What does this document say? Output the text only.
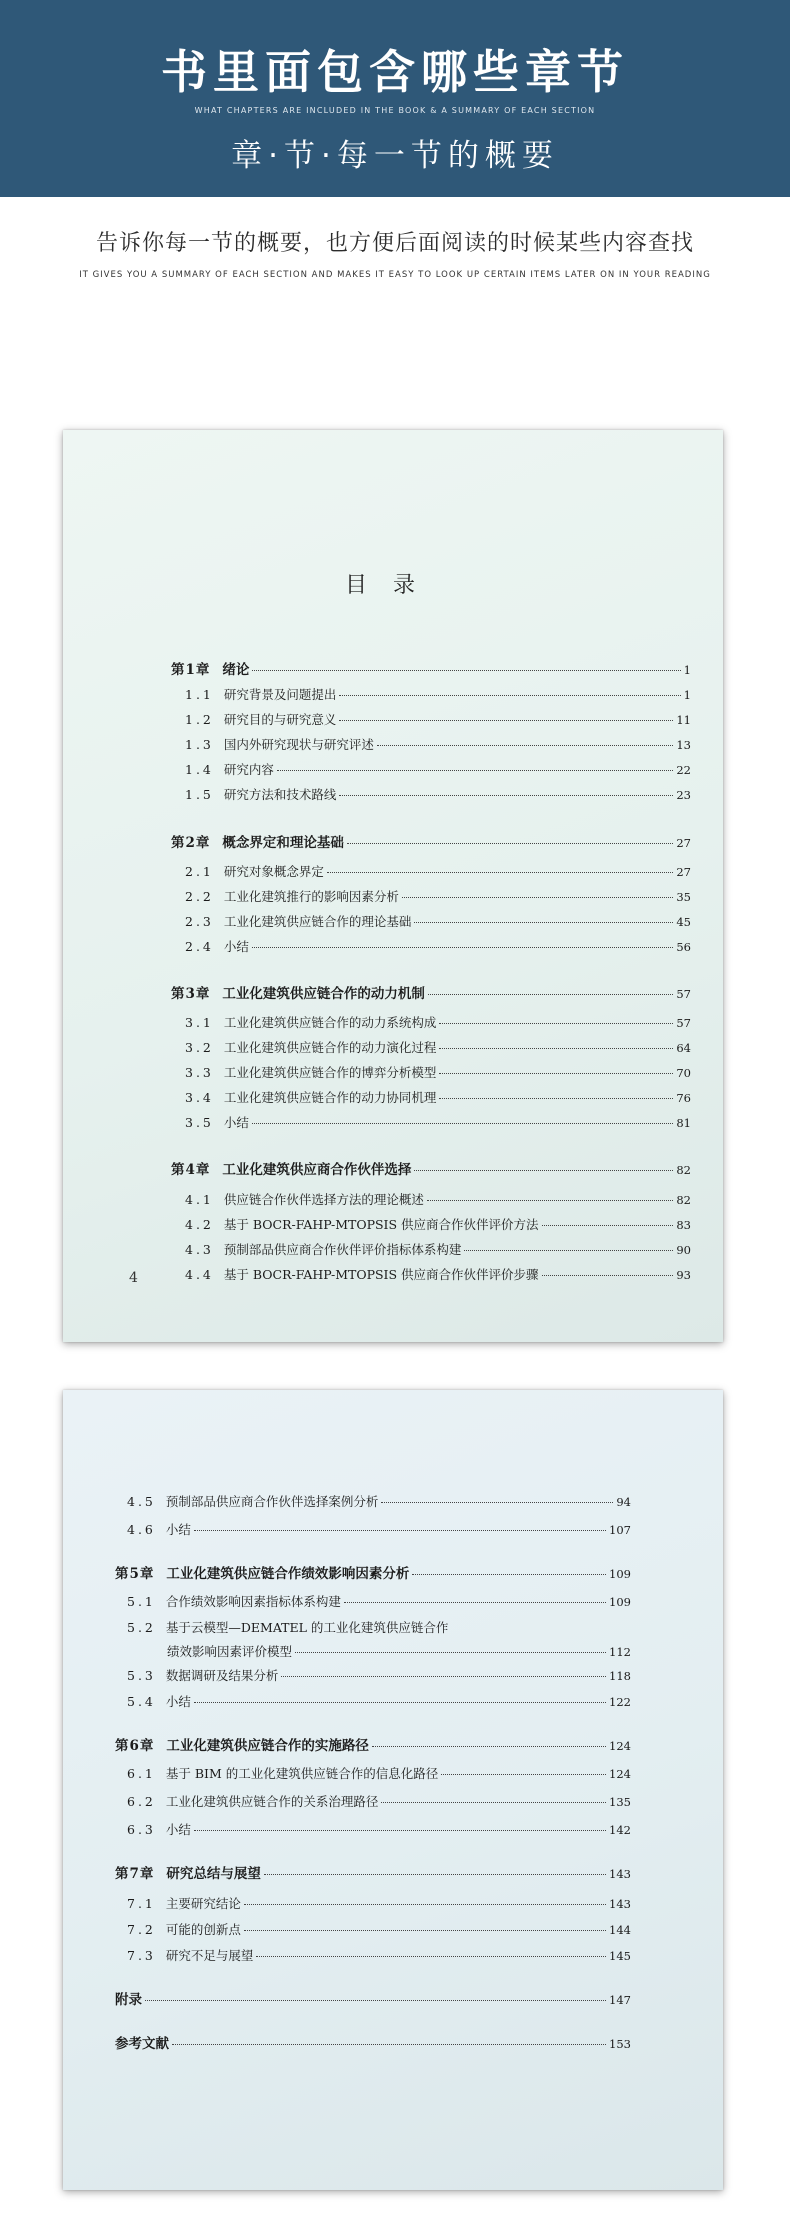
书里面包含哪些章节
WHAT CHAPTERS ARE INCLUDED IN THE BOOK & A SUMMARY OF EACH SECTION
章·节·每一节的概要
告诉你每一节的概要，也方便后面阅读的时候某些内容查找
IT GIVES YOU A SUMMARY OF EACH SECTION AND MAKES IT EASY TO LOOK UP CERTAIN ITEMS LATER ON IN YOUR READING
目录
第1章 绪论	1
1.1 研究背景及问题提出	1
1.2 研究目的与研究意义	11
1.3 国内外研究现状与研究评述	13
1.4 研究内容	22
1.5 研究方法和技术路线	23
第2章 概念界定和理论基础	27
2.1 研究对象概念界定	27
2.2 工业化建筑推行的影响因素分析	35
2.3 工业化建筑供应链合作的理论基础	45
2.4 小结	56
第3章 工业化建筑供应链合作的动力机制	57
3.1 工业化建筑供应链合作的动力系统构成	57
3.2 工业化建筑供应链合作的动力演化过程	64
3.3 工业化建筑供应链合作的博弈分析模型	70
3.4 工业化建筑供应链合作的动力协同机理	76
3.5 小结	81
第4章 工业化建筑供应商合作伙伴选择	82
4.1 供应链合作伙伴选择方法的理论概述	82
4.2 基于 BOCR-FAHP-MTOPSIS 供应商合作伙伴评价方法	83
4.3 预制部品供应商合作伙伴评价指标体系构建	90
4.4 基于 BOCR-FAHP-MTOPSIS 供应商合作伙伴评价步骤	93
4
4.5 预制部品供应商合作伙伴选择案例分析	94
4.6 小结	107
第5章 工业化建筑供应链合作绩效影响因素分析	109
5.1 合作绩效影响因素指标体系构建	109
5.2 基于云模型—DEMATEL 的工业化建筑供应链合作
绩效影响因素评价模型	112
5.3 数据调研及结果分析	118
5.4 小结	122
第6章 工业化建筑供应链合作的实施路径	124
6.1 基于 BIM 的工业化建筑供应链合作的信息化路径	124
6.2 工业化建筑供应链合作的关系治理路径	135
6.3 小结	142
第7章 研究总结与展望	143
7.1 主要研究结论	143
7.2 可能的创新点	144
7.3 研究不足与展望	145
附录	147
参考文献	153
